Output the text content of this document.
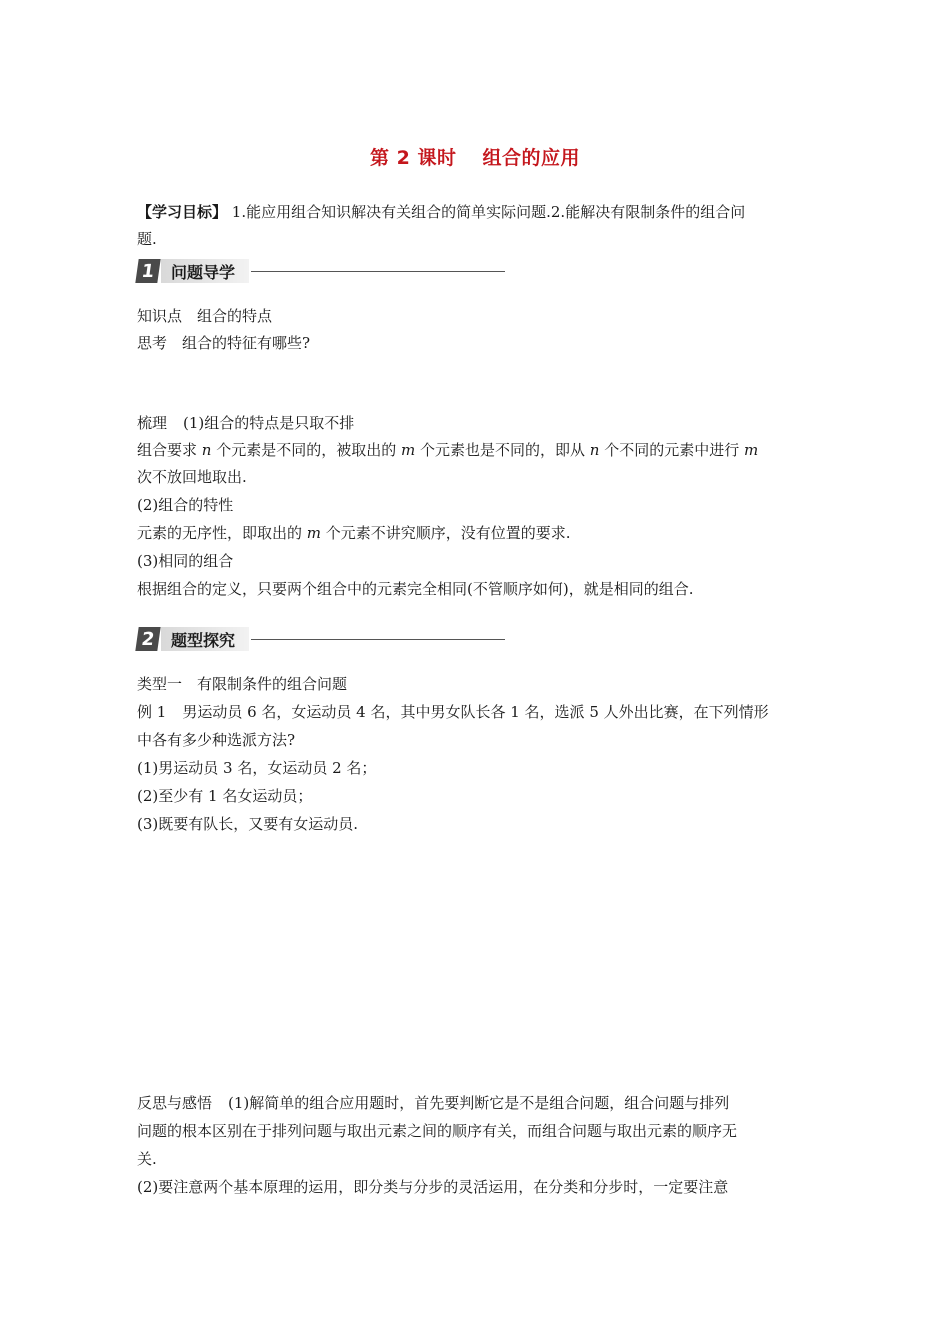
第 2 课时 组合的应用
【学习目标】 1.能应用组合知识解决有关组合的简单实际问题.2.能解决有限制条件的组合问
题.
1 问题导学
知识点　组合的特点
思考　组合的特征有哪些?
梳理 (1)组合的特点是只取不排
组合要求 n 个元素是不同的，被取出的 m 个元素也是不同的，即从 n 个不同的元素中进行 m
次不放回地取出.
(2)组合的特性
元素的无序性，即取出的 m 个元素不讲究顺序，没有位置的要求.
(3)相同的组合
根据组合的定义，只要两个组合中的元素完全相同(不管顺序如何)，就是相同的组合.
2 题型探究
类型一　有限制条件的组合问题
例 1 男运动员 6 名，女运动员 4 名，其中男女队长各 1 名，选派 5 人外出比赛，在下列情形
中各有多少种选派方法?
(1)男运动员 3 名，女运动员 2 名；
(2)至少有 1 名女运动员；
(3)既要有队长，又要有女运动员.
反思与感悟 (1)解简单的组合应用题时，首先要判断它是不是组合问题，组合问题与排列
问题的根本区别在于排列问题与取出元素之间的顺序有关，而组合问题与取出元素的顺序无
关.
(2)要注意两个基本原理的运用，即分类与分步的灵活运用，在分类和分步时，一定要注意
